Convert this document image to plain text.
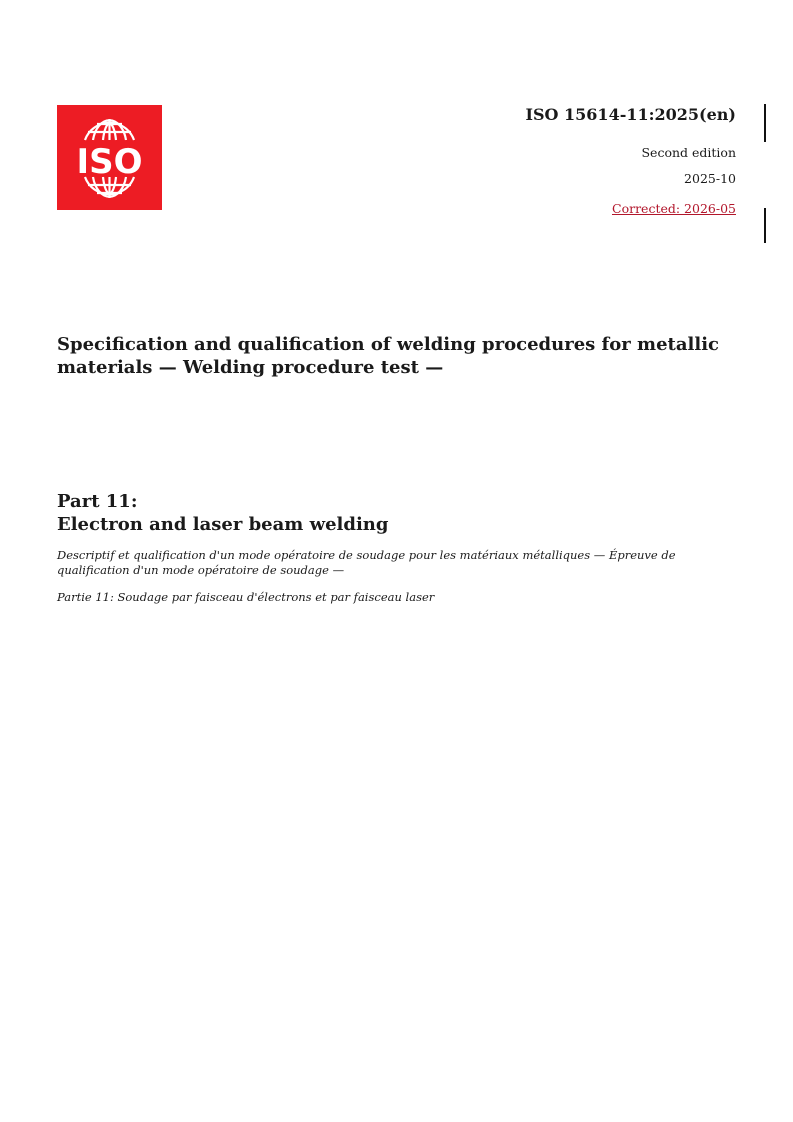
ISO
ISO 15614-11:2025(en)
Second edition
2025-10
Corrected: 2026-05
Specification and qualification of welding procedures for metallic materials — Welding procedure test —
Part 11:
Electron and laser beam welding
Descriptif et qualification d'un mode opératoire de soudage pour les matériaux métalliques — Épreuve de qualification d'un mode opératoire de soudage —
Partie 11: Soudage par faisceau d'électrons et par faisceau laser
